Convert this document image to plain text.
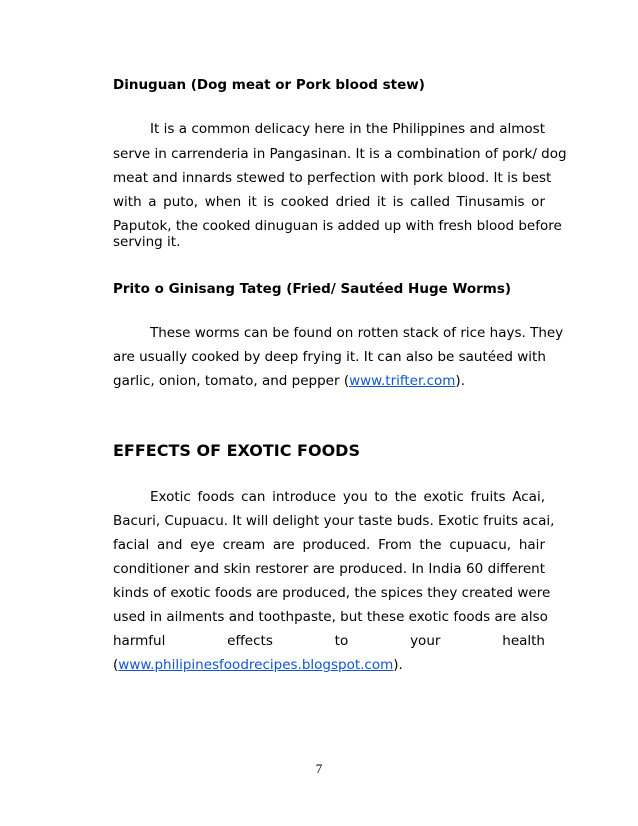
Dinuguan (Dog meat or Pork blood stew)
It is a common delicacy here in the Philippines and almost
serve in carrenderia in Pangasinan. It is a combination of pork/ dog
meat and innards stewed to perfection with pork blood. It is best
with a puto, when it is cooked dried it is called Tinusamis or
Paputok, the cooked dinuguan is added up with fresh blood before
serving it.
Prito o Ginisang Tateg (Fried/ Sautéed Huge Worms)
These worms can be found on rotten stack of rice hays. They
are usually cooked by deep frying it. It can also be sautéed with
garlic, onion, tomato, and pepper (www.trifter.com).
EFFECTS OF EXOTIC FOODS
Exotic foods can introduce you to the exotic fruits Acai,
Bacuri, Cupuacu. It will delight your taste buds. Exotic fruits acai,
facial and eye cream are produced. From the cupuacu, hair
conditioner and skin restorer are produced. In India 60 different
kinds of exotic foods are produced, the spices they created were
used in ailments and toothpaste, but these exotic foods are also
harmful effects to your health
(www.philipinesfoodrecipes.blogspot.com).
7
